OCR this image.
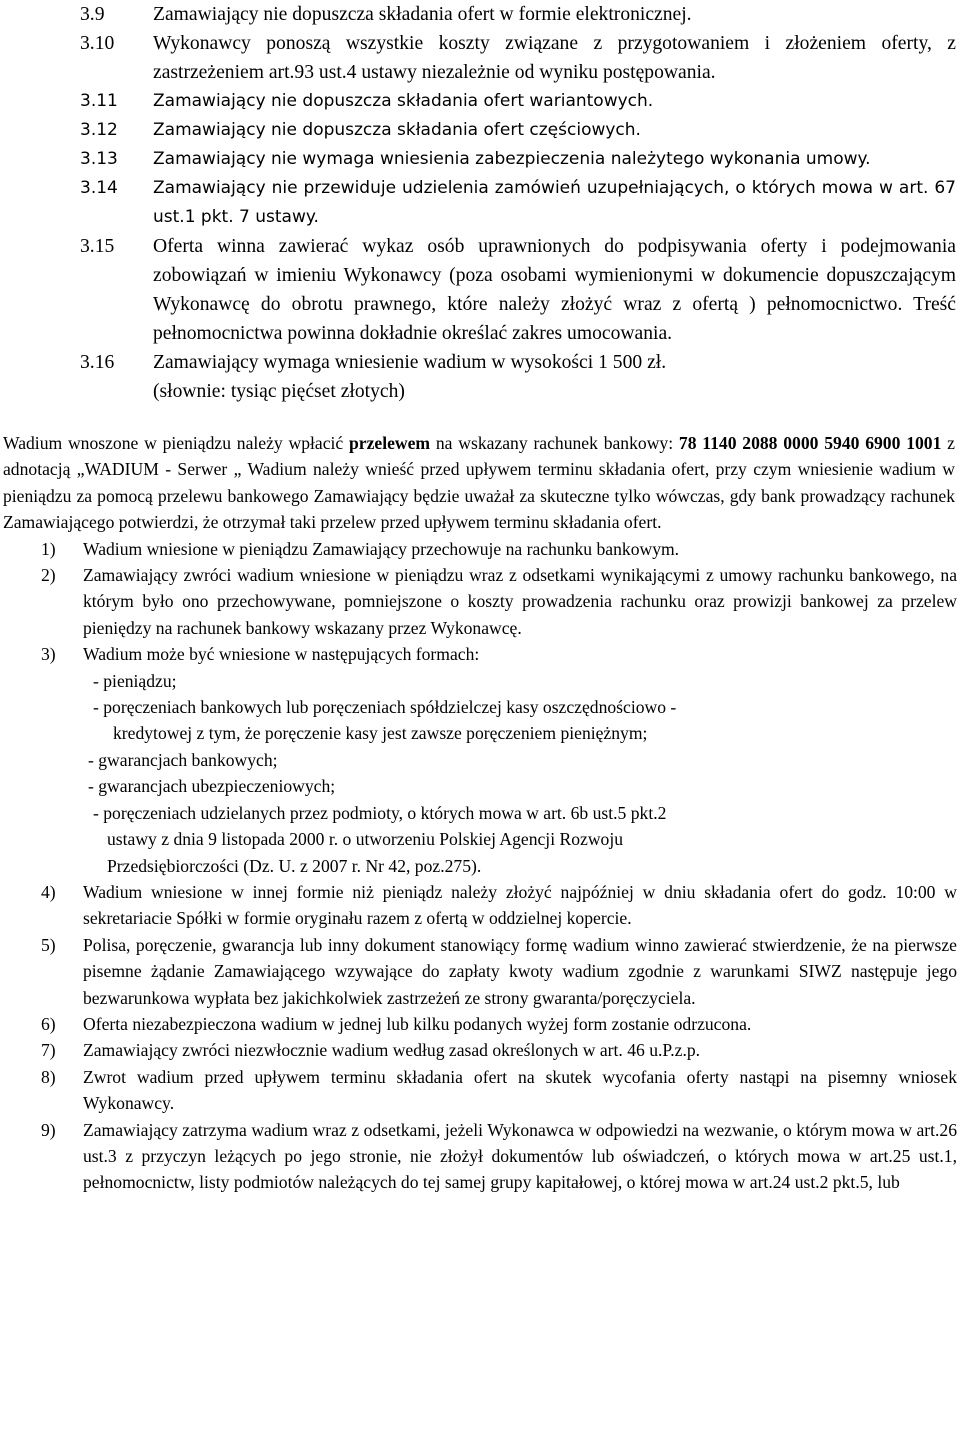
3.9 Zamawiający nie dopuszcza składania ofert w formie elektronicznej.
3.10 Wykonawcy ponoszą wszystkie koszty związane z przygotowaniem i złożeniem oferty, z zastrzeżeniem art.93 ust.4 ustawy niezależnie od wyniku postępowania.
3.11 Zamawiający nie dopuszcza składania ofert wariantowych.
3.12 Zamawiający nie dopuszcza składania ofert częściowych.
3.13 Zamawiający nie wymaga wniesienia zabezpieczenia należytego wykonania umowy.
3.14 Zamawiający nie przewiduje udzielenia zamówień uzupełniających, o których mowa w art. 67 ust.1 pkt. 7 ustawy.
3.15 Oferta winna zawierać wykaz osób uprawnionych do podpisywania oferty i podejmowania zobowiązań w imieniu Wykonawcy (poza osobami wymienionymi w dokumencie dopuszczającym Wykonawcę do obrotu prawnego, które należy złożyć wraz z ofertą ) pełnomocnictwo. Treść pełnomocnictwa powinna dokładnie określać zakres umocowania.
3.16 Zamawiający wymaga wniesienie wadium w wysokości 1 500 zł.
(słownie: tysiąc pięćset złotych)

Wadium wnoszone w pieniądzu należy wpłacić przelewem na wskazany rachunek bankowy: 78 1140 2088 0000 5940 6900 1001 z adnotacją „WADIUM - Serwer „ Wadium należy wnieść przed upływem terminu składania ofert, przy czym wniesienie wadium w pieniądzu za pomocą przelewu bankowego Zamawiający będzie uważał za skuteczne tylko wówczas, gdy bank prowadzący rachunek Zamawiającego potwierdzi, że otrzymał taki przelew przed upływem terminu składania ofert.

1) Wadium wniesione w pieniądzu Zamawiający przechowuje na rachunku bankowym.
2) Zamawiający zwróci wadium wniesione w pieniądzu wraz z odsetkami wynikającymi z umowy rachunku bankowego, na którym było ono przechowywane, pomniejszone o koszty prowadzenia rachunku oraz prowizji bankowej za przelew pieniędzy na rachunek bankowy wskazany przez Wykonawcę.
3) Wadium może być wniesione w następujących formach:
- pieniądzu;
- poręczeniach bankowych lub poręczeniach spółdzielczej kasy oszczędnościowo -
kredytowej z tym, że poręczenie kasy jest zawsze poręczeniem pieniężnym;
- gwarancjach bankowych;
- gwarancjach ubezpieczeniowych;
- poręczeniach udzielanych przez podmioty, o których mowa w art. 6b ust.5 pkt.2
ustawy z dnia 9 listopada 2000 r. o utworzeniu Polskiej Agencji Rozwoju
Przedsiębiorczości (Dz. U. z 2007 r. Nr 42, poz.275).
4) Wadium wniesione w innej formie niż pieniądz należy złożyć najpóźniej w dniu składania ofert do godz. 10:00 w sekretariacie Spółki w formie oryginału razem z ofertą w oddzielnej kopercie.
5) Polisa, poręczenie, gwarancja lub inny dokument stanowiący formę wadium winno zawierać stwierdzenie, że na pierwsze pisemne żądanie Zamawiającego wzywające do zapłaty kwoty wadium zgodnie z warunkami SIWZ następuje jego bezwarunkowa wypłata bez jakichkolwiek zastrzeżeń ze strony gwaranta/poręczyciela.
6) Oferta niezabezpieczona wadium w jednej lub kilku podanych wyżej form zostanie odrzucona.
7) Zamawiający zwróci niezwłocznie wadium według zasad określonych w art. 46 u.P.z.p.
8) Zwrot wadium przed upływem terminu składania ofert na skutek wycofania oferty nastąpi na pisemny wniosek Wykonawcy.
9) Zamawiający zatrzyma wadium wraz z odsetkami, jeżeli Wykonawca w odpowiedzi na wezwanie, o którym mowa w art.26 ust.3 z przyczyn leżących po jego stronie, nie złożył dokumentów lub oświadczeń, o których mowa w art.25 ust.1, pełnomocnictw, listy podmiotów należących do tej samej grupy kapitałowej, o której mowa w art.24 ust.2 pkt.5, lub
